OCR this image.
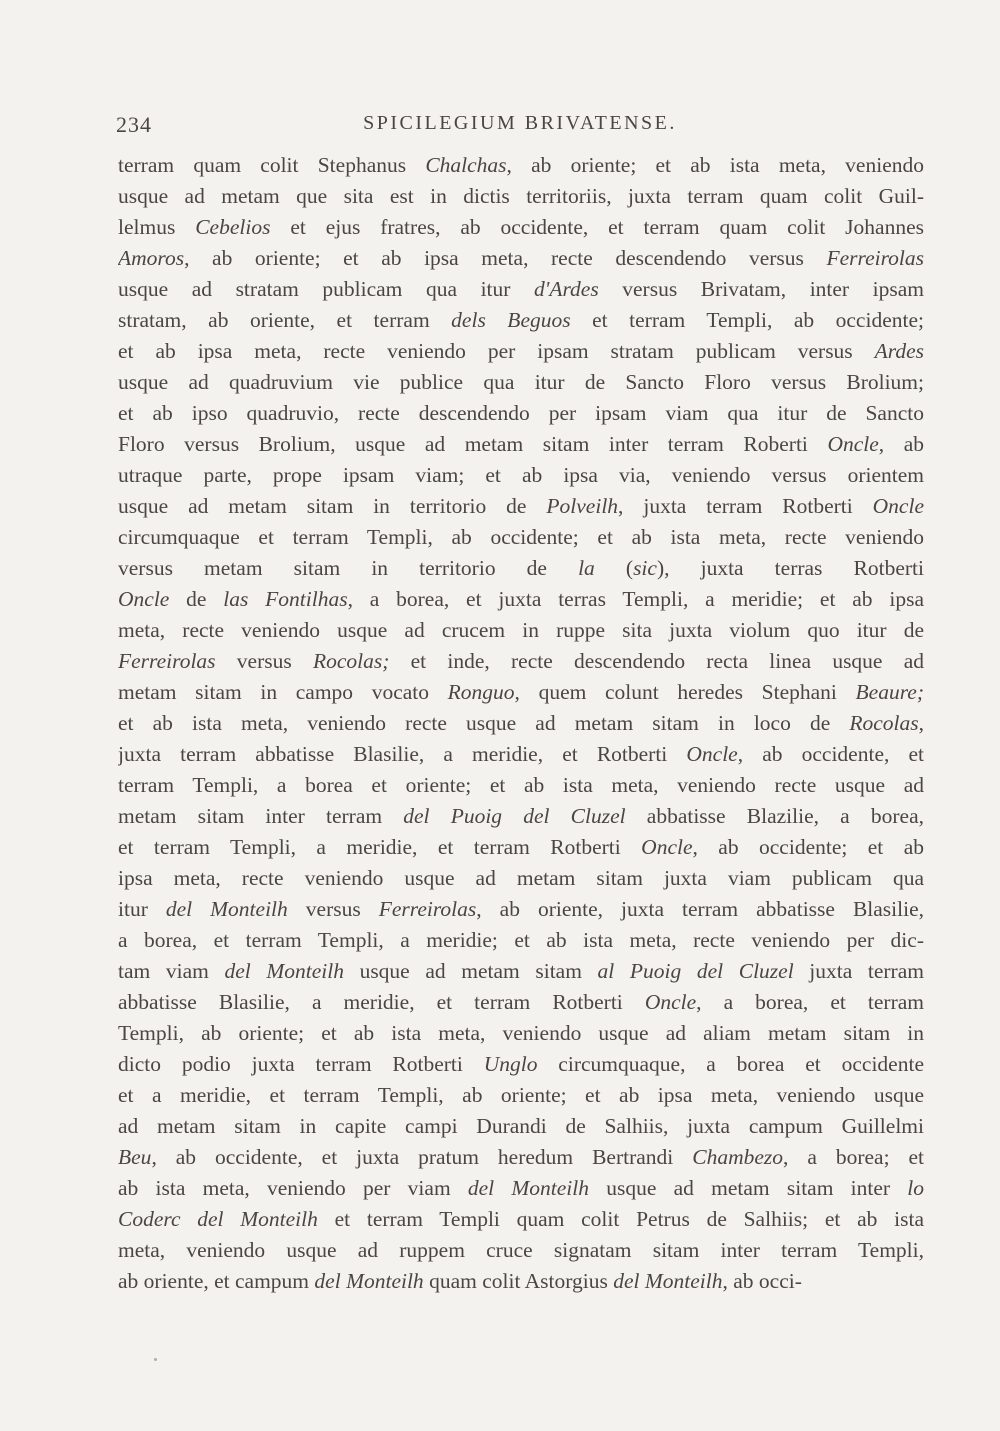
234	SPICILEGIUM BRIVATENSE.
terram quam colit Stephanus Chalchas, ab oriente; et ab ista meta, veniendo
usque ad metam que sita est in dictis territoriis, juxta terram quam colit Guil-
lelmus Cebelios et ejus fratres, ab occidente, et terram quam colit Johannes
Amoros, ab oriente; et ab ipsa meta, recte descendendo versus Ferreirolas
usque ad stratam publicam qua itur d'Ardes versus Brivatam, inter ipsam
stratam, ab oriente, et terram dels Beguos et terram Templi, ab occidente;
et ab ipsa meta, recte veniendo per ipsam stratam publicam versus Ardes
usque ad quadruvium vie publice qua itur de Sancto Floro versus Brolium;
et ab ipso quadruvio, recte descendendo per ipsam viam qua itur de Sancto
Floro versus Brolium, usque ad metam sitam inter terram Roberti Oncle, ab
utraque parte, prope ipsam viam; et ab ipsa via, veniendo versus orientem
usque ad metam sitam in territorio de Polveilh, juxta terram Rotberti Oncle
circumquaque et terram Templi, ab occidente; et ab ista meta, recte veniendo
versus metam sitam in territorio de la (sic), juxta terras Rotberti
Oncle de las Fontilhas, a borea, et juxta terras Templi, a meridie; et ab ipsa
meta, recte veniendo usque ad crucem in ruppe sita juxta violum quo itur de
Ferreirolas versus Rocolas; et inde, recte descendendo recta linea usque ad
metam sitam in campo vocato Ronguo, quem colunt heredes Stephani Beaure;
et ab ista meta, veniendo recte usque ad metam sitam in loco de Rocolas,
juxta terram abbatisse Blasilie, a meridie, et Rotberti Oncle, ab occidente, et
terram Templi, a borea et oriente; et ab ista meta, veniendo recte usque ad
metam sitam inter terram del Puoig del Cluzel abbatisse Blazilie, a borea,
et terram Templi, a meridie, et terram Rotberti Oncle, ab occidente; et ab
ipsa meta, recte veniendo usque ad metam sitam juxta viam publicam qua
itur del Monteilh versus Ferreirolas, ab oriente, juxta terram abbatisse Blasilie,
a borea, et terram Templi, a meridie; et ab ista meta, recte veniendo per dic-
tam viam del Monteilh usque ad metam sitam al Puoig del Cluzel juxta terram
abbatisse Blasilie, a meridie, et terram Rotberti Oncle, a borea, et terram
Templi, ab oriente; et ab ista meta, veniendo usque ad aliam metam sitam in
dicto podio juxta terram Rotberti Unglo circumquaque, a borea et occidente
et a meridie, et terram Templi, ab oriente; et ab ipsa meta, veniendo usque
ad metam sitam in capite campi Durandi de Salhiis, juxta campum Guillelmi
Beu, ab occidente, et juxta pratum heredum Bertrandi Chambezo, a borea; et
ab ista meta, veniendo per viam del Monteilh usque ad metam sitam inter lo
Coderc del Monteilh et terram Templi quam colit Petrus de Salhiis; et ab ista
meta, veniendo usque ad ruppem cruce signatam sitam inter terram Templi,
ab oriente, et campum del Monteilh quam colit Astorgius del Monteilh, ab occi-
